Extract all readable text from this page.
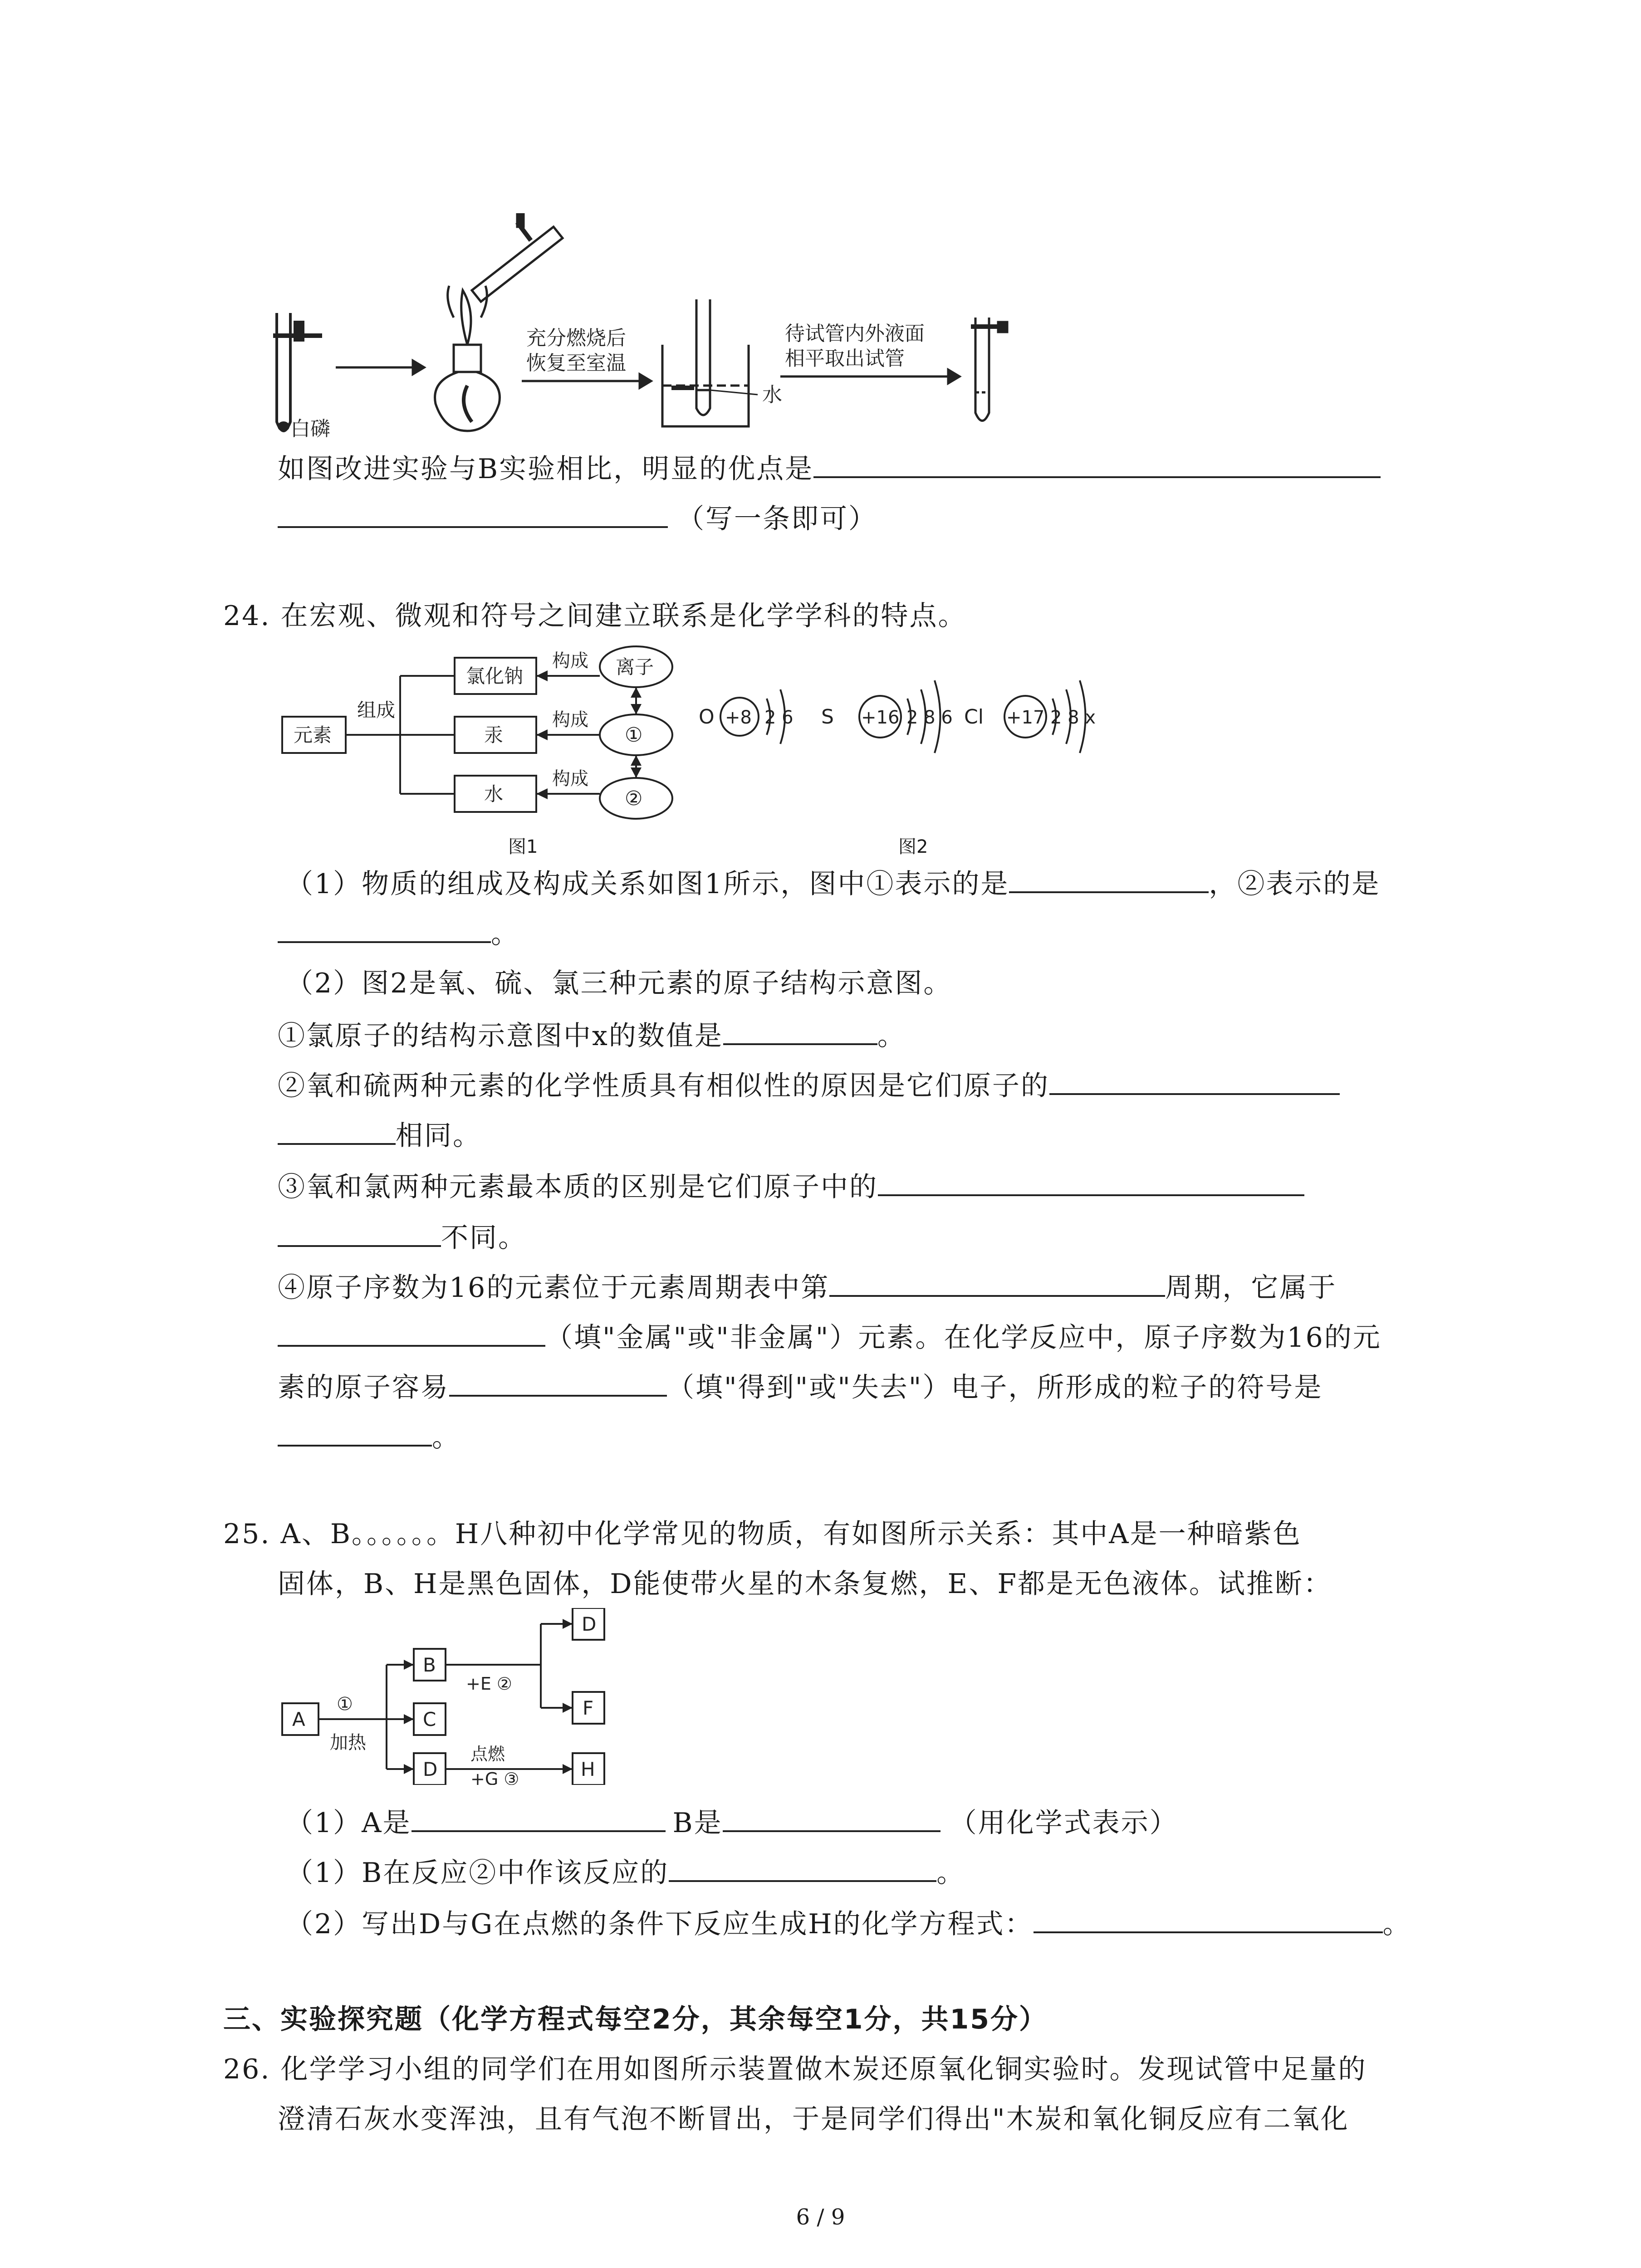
白磷
充分燃烧后
恢复至室温
水
待试管内外液面
相平取出试管
如图改进实验与B实验相比，明显的优点是
（写一条即可）
24. 在宏观、微观和符号之间建立联系是化学学科的特点。
元素
组成
氯化钠
汞
水
构成
构成
构成
离子
①
②
O +8 2 6 S +16 2 8 6 Cl +17 2 8 x
图1	图2
（1）物质的组成及构成关系如图1所示，图中①表示的是	，②表示的是
。
（2）图2是氧、硫、氯三种元素的原子结构示意图。
①氯原子的结构示意图中x的数值是	。
②氧和硫两种元素的化学性质具有相似性的原因是它们原子的
相同。
③氧和氯两种元素最本质的区别是它们原子中的
不同。
④原子序数为16的元素位于元素周期表中第	周期，它属于
（填"金属"或"非金属"）元素。在化学反应中，原子序数为16的元
素的原子容易	（填"得到"或"失去"）电子，所形成的粒子的符号是
。
25. A、B。。。。。。H八种初中化学常见的物质，有如图所示关系：其中A是一种暗紫色
固体，B、H是黑色固体，D能使带火星的木条复燃，E、F都是无色液体。试推断：
A
B
C
D
D
F
H
①
加热
+E ②
点燃
+G ③
（1）A是	B是	（用化学式表示）
（1）B在反应②中作该反应的	。
（2）写出D与G在点燃的条件下反应生成H的化学方程式：	。
三、实验探究题（化学方程式每空2分，其余每空1分，共15分）
26. 化学学习小组的同学们在用如图所示装置做木炭还原氧化铜实验时。发现试管中足量的
澄清石灰水变浑浊，且有气泡不断冒出，于是同学们得出"木炭和氧化铜反应有二氧化
6 / 9
